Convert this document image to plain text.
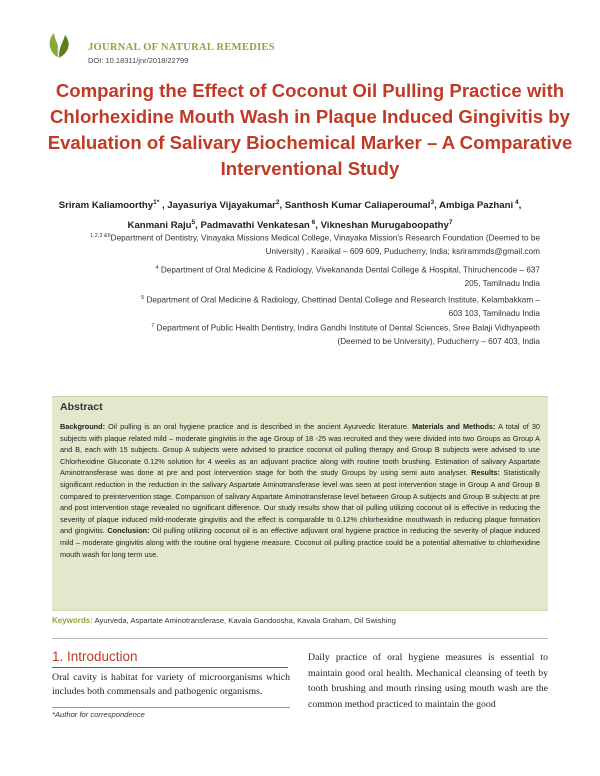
JOURNAL OF NATURAL REMEDIES
DOI: 10.18311/jnr/2018/22799
Comparing the Effect of Coconut Oil Pulling Practice with Chlorhexidine Mouth Wash in Plaque Induced Gingivitis by Evaluation of Salivary Biochemical Marker – A Comparative Interventional Study
Sriram Kaliamoorthy$^{1*}$ , Jayasuriya Vijayakumar$^2$, Santhosh Kumar Caliaperoumal$^3$, Ambiga Pazhani $^4$, Kanmani Raju$^5$, Padmavathi Venkatesan $^6$, Vikneshan Murugaboopathy$^7$
$^{1,2,3 \&6}$Department of Dentistry, Vinayaka Missions Medical College, Vinayaka Mission's Research Foundation (Deemed to be University) , Karaikal – 609 609, Puducherry, India; ksrirammds@gmail.com
$^4$ Department of Oral Medicine & Radiology, Vivekananda Dental College & Hospital, Thiruchencode – 637 205, Tamilnadu India
$^5$ Department of Oral Medicine & Radiology, Chettinad Dental College and Research Institute, Kelambakkam – 603 103, Tamilnadu India
$^7$ Department of Public Health Dentistry, Indira Gandhi Institute of Dental Sciences, Sree Balaji Vidhyapeeth (Deemed to be University), Puducherry – 607 403, India
Abstract
Background: Oil pulling is an oral hygiene practice and is described in the ancient Ayurvedic literature. Materials and Methods: A total of 30 subjects with plaque related mild – moderate gingivitis in the age Group of 18 -25 was recruited and they were divided into two Groups as Group A and B, each with 15 subjects. Group A subjects were advised to practice coconut oil pulling therapy and Group B subjects were advised to use Chlorhexidine Gluconate 0.12% solution for 4 weeks as an adjuvant practice along with routine tooth brushing. Estimation of salivary Aspartate Aminotransferase was done at pre and post intervention stage for both the study Groups by using semi auto analyser. Results: Statistically significant reduction in the reduction in the salivary Aspartate Aminotransferase level was seen at post intervention stage in Group A and Group B compared to preintervention stage. Comparison of salivary Aspartate Aminotransferase level between Group A subjects and Group B subjects at pre and post intervention stage revealed no significant difference. Our study results show that oil pulling utilizing coconut oil is effective in reducing the severity of plaque induced mild-moderate gingivitis and the effect is comparable to 0.12% chlorhexidine mouthwash in reducing plaque formation and gingivitis. Conclusion: Oil pulling utilizing coconut oil is an effective adjuvant oral hygiene practice in reducing the severity of plaque induced mild – moderate gingivitis along with the routine oral hygiene measure. Coconut oil pulling practice could be a potential alternative to chlorhexidine mouth wash for long term use.
Keywords: Ayurveda, Aspartate Aminotransferase, Kavala Gandoosha, Kavala Graham, Oil Swishing
1. Introduction
Oral cavity is habitat for variety of microorganisms which includes both commensals and pathogenic organisms.
Daily practice of oral hygiene measures is essential to maintain good oral health. Mechanical cleansing of teeth by tooth brushing and mouth rinsing using mouth wash are the common method practiced to maintain the good
*Author for correspondence
